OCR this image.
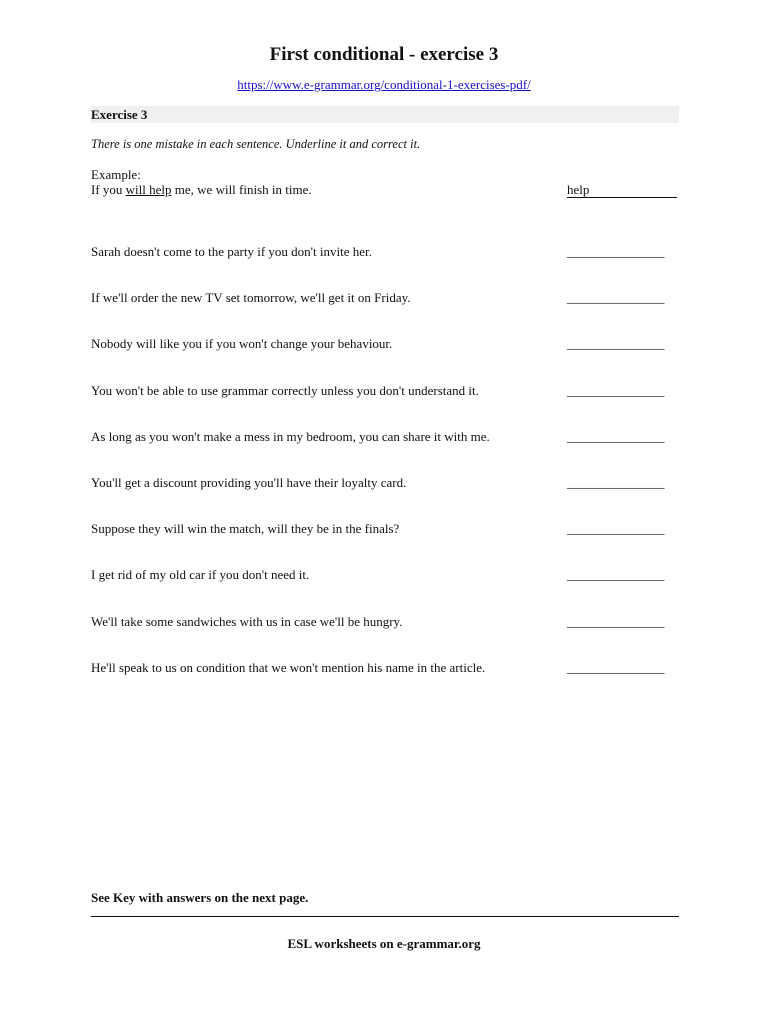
First conditional - exercise 3
https://www.e-grammar.org/conditional-1-exercises-pdf/
Exercise 3
There is one mistake in each sentence. Underline it and correct it.
Example:
If you will help me, we will finish in time.	help
Sarah doesn't come to the party if you don't invite her.	_______________
If we'll order the new TV set tomorrow, we'll get it on Friday.	_______________
Nobody will like you if you won't change your behaviour.	_______________
You won't be able to use grammar correctly unless you don't understand it.	_______________
As long as you won't make a mess in my bedroom, you can share it with me.	_______________
You'll get a discount providing you'll have their loyalty card.	_______________
Suppose they will win the match, will they be in the finals?	_______________
I get rid of my old car if you don't need it.	_______________
We'll take some sandwiches with us in case we'll be hungry.	_______________
He'll speak to us on condition that we won't mention his name in the article.	_______________
See Key with answers on the next page.
ESL worksheets on e-grammar.org
